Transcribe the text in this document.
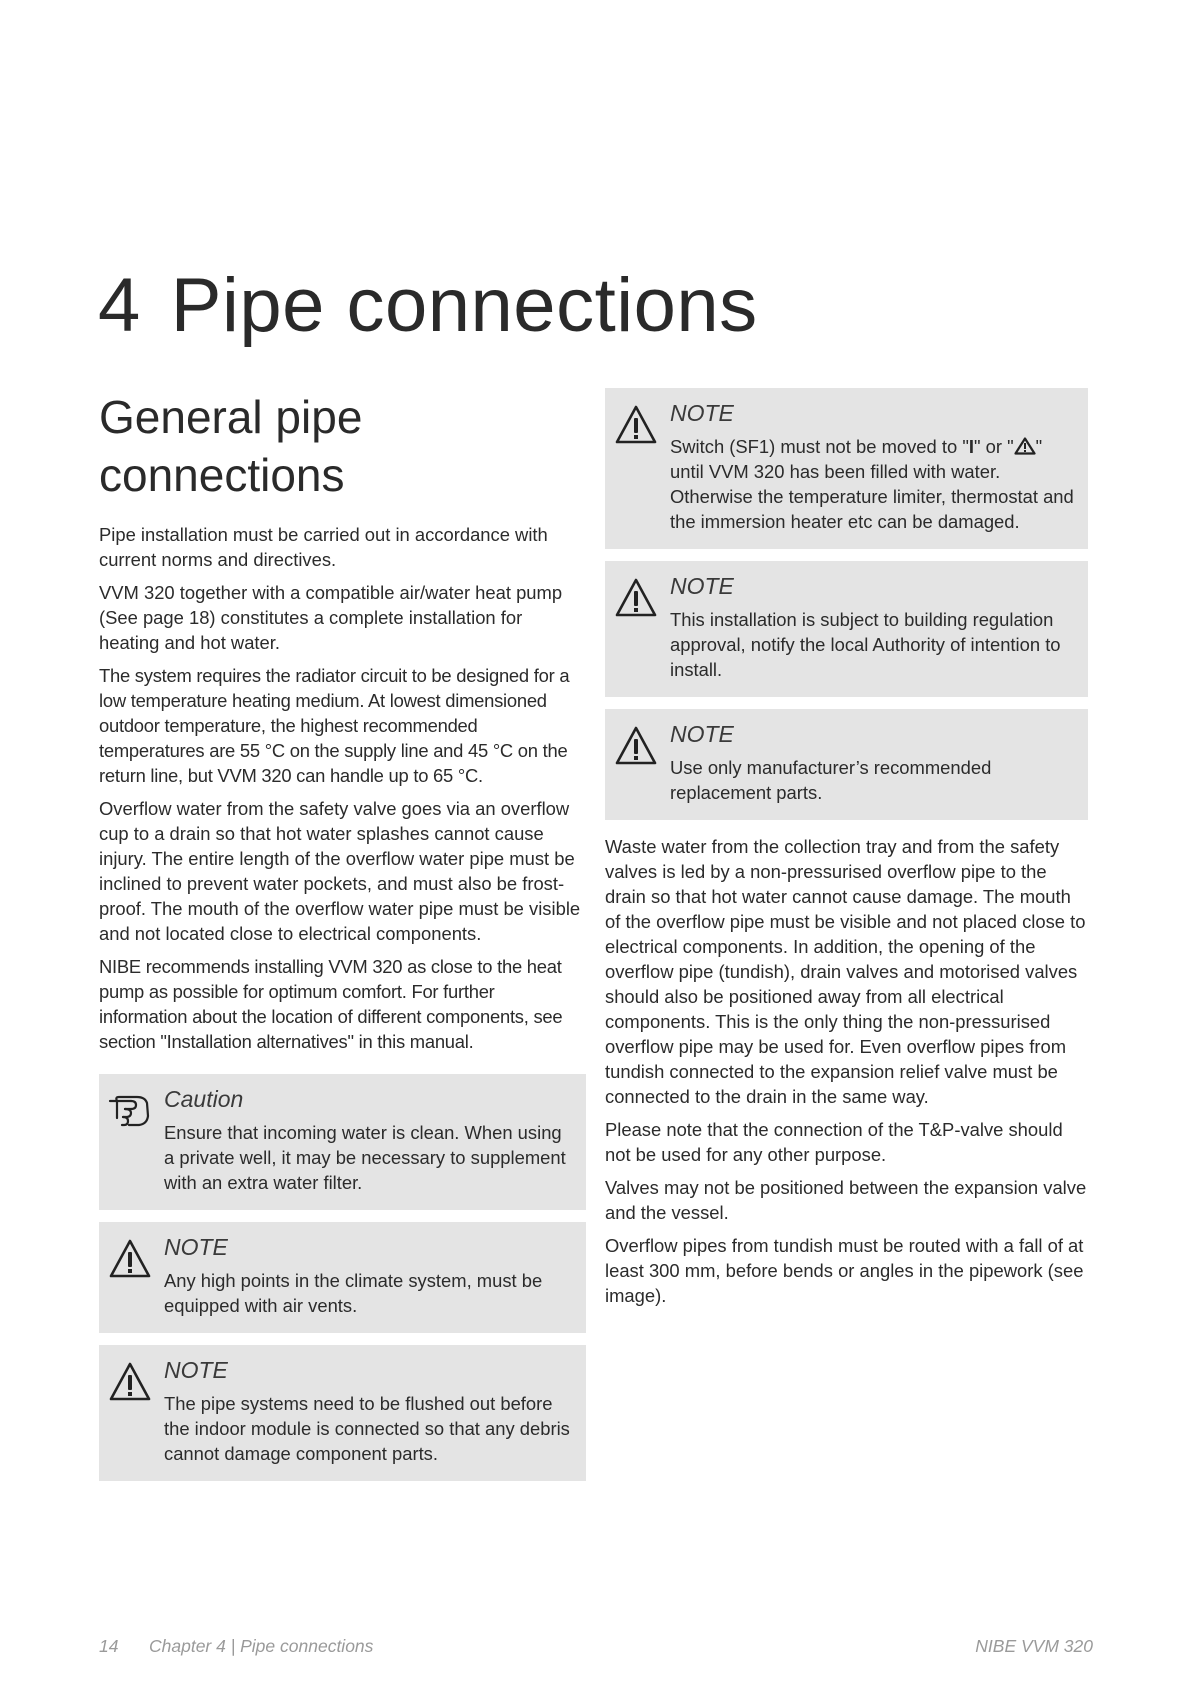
4 Pipe connections
General pipe
connections

Pipe installation must be carried out in accordance with current norms and directives.

VVM 320 together with a compatible air/water heat pump (See page 18) constitutes a complete installation for heating and hot water.

The system requires the radiator circuit to be designed for a low temperature heating medium. At lowest dimensioned outdoor temperature, the highest recommended temperatures are 55 °C on the supply line and 45 °C on the return line, but VVM 320 can handle up to 65 °C.

Overflow water from the safety valve goes via an overflow cup to a drain so that hot water splashes cannot cause injury. The entire length of the overflow water pipe must be inclined to prevent water pockets, and must also be frost-proof. The mouth of the overflow water pipe must be visible and not located close to electrical components.

NIBE recommends installing VVM 320 as close to the heat pump as possible for optimum comfort. For further information about the location of different components, see section "Installation alternatives" in this manual.

Caution

Ensure that incoming water is clean. When using a private well, it may be necessary to supplement with an extra water filter.

NOTE

Any high points in the climate system, must be equipped with air vents.

NOTE

The pipe systems need to be flushed out before the indoor module is connected so that any debris cannot damage component parts.

NOTE

Switch (SF1) must not be moved to "I" or " " until VVM 320 has been filled with water. Otherwise the temperature limiter, thermostat and the immersion heater etc can be damaged.

NOTE

This installation is subject to building regulation approval, notify the local Authority of intention to install.

NOTE

Use only manufacturer’s recommended replacement parts.

Waste water from the collection tray and from the safety valves is led by a non-pressurised overflow pipe to the drain so that hot water cannot cause damage. The mouth of the overflow pipe must be visible and not placed close to electrical components. In addition, the opening of the overflow pipe (tundish), drain valves and motorised valves should also be positioned away from all electrical components. This is the only thing the non-pressurised overflow pipe may be used for. Even overflow pipes from tundish connected to the expansion relief valve must be connected to the drain in the same way.

Please note that the connection of the T&P-valve should not be used for any other purpose.

Valves may not be positioned between the expansion valve and the vessel.

Overflow pipes from tundish must be routed with a fall of at least 300 mm, before bends or angles in the pipework (see image).

14 Chapter 4 | Pipe connections	NIBE VVM 320
